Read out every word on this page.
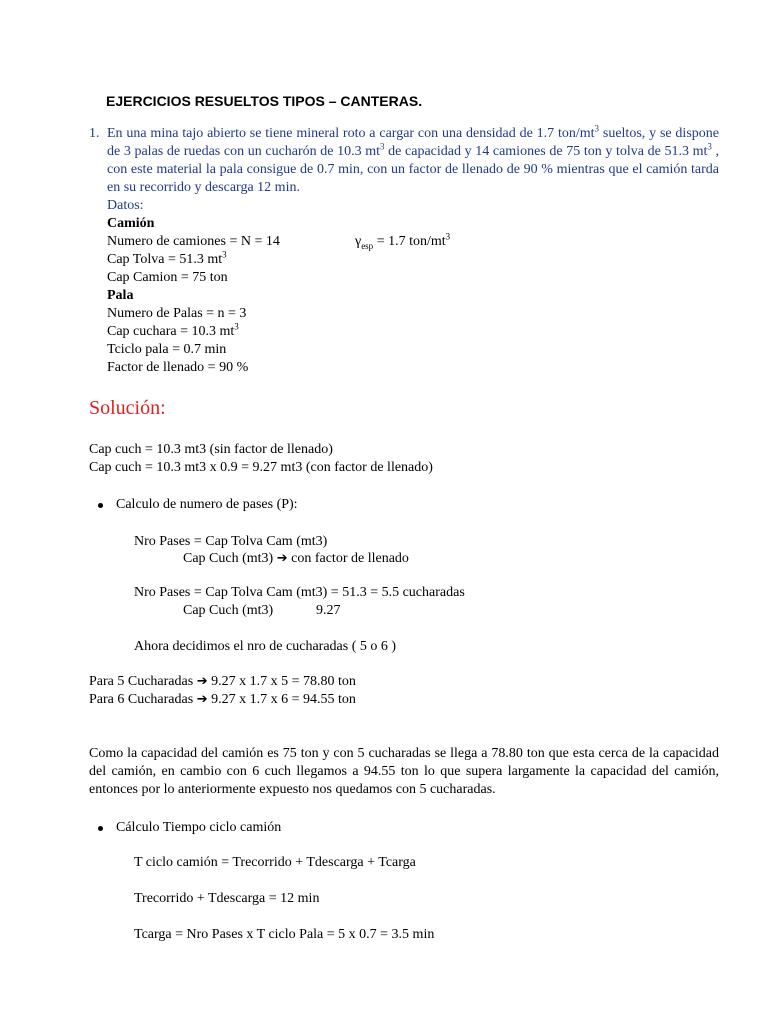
EJERCICIOS RESUELTOS TIPOS – CANTERAS.
1. En una mina tajo abierto se tiene mineral roto a cargar con una densidad de 1.7 ton/$mt^3$ sueltos, y se dispone de 3 palas de ruedas con un cucharón de 10.3 $mt^3$ de capacidad y 14 camiones de 75 ton y tolva de 51.3 $mt^3$ , con este material la pala consigue de 0.7 min, con un factor de llenado de 90 % mientras que el camión tarda en su recorrido y descarga 12 min.
Datos:
Camión
Numero de camiones = N = 14	$\gamma_{esp} = 1.7$ ton/$mt^3$
Cap Tolva = 51.3 $mt^3$
Cap Camion = 75 ton
Pala
Numero de Palas = n = 3
Cap cuchara = 10.3 $mt^3$
Tciclo pala = 0.7 min
Factor de llenado = 90 %
Solución:
Cap cuch = 10.3 mt3 (sin factor de llenado)
Cap cuch = 10.3 mt3 x 0.9 = 9.27 mt3 (con factor de llenado)
Calculo de numero de pases (P):
Nro Pases = Cap Tolva Cam (mt3)
Cap Cuch (mt3) ➔ con factor de llenado
Nro Pases = Cap Tolva Cam (mt3) = 51.3 = 5.5 cucharadas
Cap Cuch (mt3)	9.27
Ahora decidimos el nro de cucharadas ( 5 o 6 )
Para 5 Cucharadas ➔ 9.27 x 1.7 x 5 = 78.80 ton
Para 6 Cucharadas ➔ 9.27 x 1.7 x 6 = 94.55 ton
Como la capacidad del camión es 75 ton y con 5 cucharadas se llega a 78.80 ton que esta cerca de la capacidad del camión, en cambio con 6 cuch llegamos a 94.55 ton lo que supera largamente la capacidad del camión, entonces por lo anteriormente expuesto nos quedamos con 5 cucharadas.
Cálculo Tiempo ciclo camión
T ciclo camión = Trecorrido + Tdescarga + Tcarga
Trecorrido + Tdescarga = 12 min
Tcarga = Nro Pases x T ciclo Pala = 5 x 0.7 = 3.5 min
